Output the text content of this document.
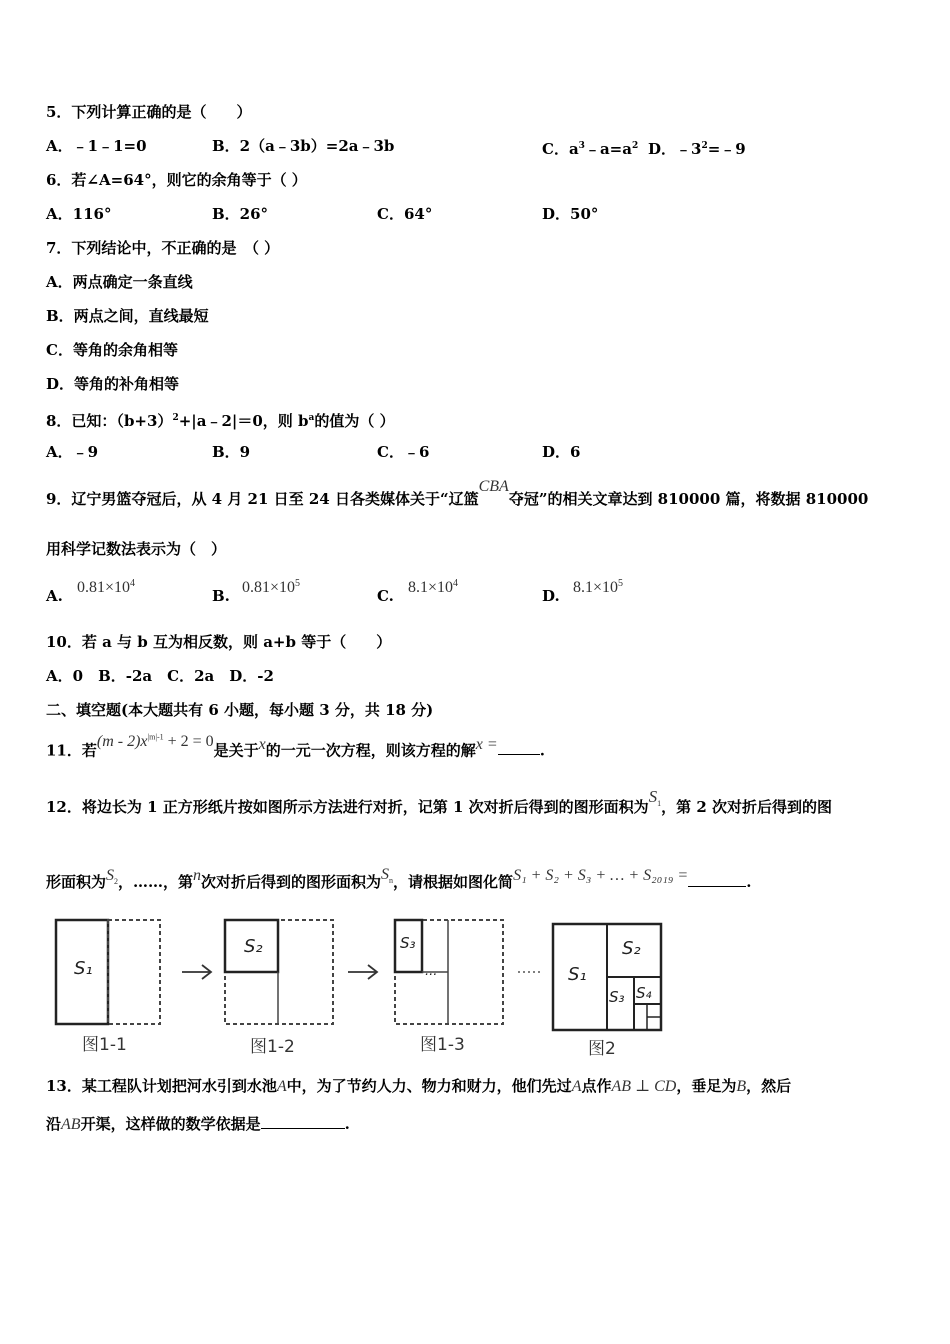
5．下列计算正确的是（　　）
A．﹣1﹣1=0	B．2（a﹣3b）=2a﹣3b	C．$a^3﹣a=a^2$ D．$﹣3^2=﹣9$
6．若∠A=64°，则它的余角等于（ ）
A．116°	B．26°	C．64°	D．50°
7．下列结论中，不正确的是　（ ）
A．两点确定一条直线
B．两点之间，直线最短
C．等角的余角相等
D．等角的补角相等
8．已知：$(b+3)^2+|a﹣2|=0$，则 $b^a$的值为（ ）
A．﹣9	B．9	C．﹣6	D．6
9．辽宁男篮夺冠后，从 4 月 21 日至 24 日各类媒体关于“辽篮CBA夺冠”的相关文章达到 810000 篇，将数据 810000
用科学记数法表示为（　）
A. $0.81\times 10^4$
B. $0.81\times 10^5$
C. $8.1\times 10^4$
D. $8.1\times 10^5$
10．若 a 与 b 互为相反数，则 a+b 等于（　　）
A．0　B．-2a　C．2a　D．-2
二、填空题(本大题共有 6 小题，每小题 3 分，共 18 分)
11．若$(m - 2)x^{|m|-1} + 2 = 0$是关于x的一元一次方程，则该方程的解x =	.
12．将边长为 1 正方形纸片按如图所示方法进行对折，记第 1 次对折后得到的图形面积为$S_1$，第 2 次对折后得到的图
形面积为$S_2$，……，第n次对折后得到的图形面积为$S_n$，请根据如图化简S₁ + S₂ + S₃ + … + S₂₀₁₉ =	.
S₁
S₂	S₃
...	S₁
S₂
S₃ S₄
图1-1	图1-2	图1-3	图2
13．某工程队计划把河水引到水池A中，为了节约人力、物力和财力，他们先过A点作AB ⊥ CD，垂足为B，然后
沿AB开渠，这样做的数学依据是	.
